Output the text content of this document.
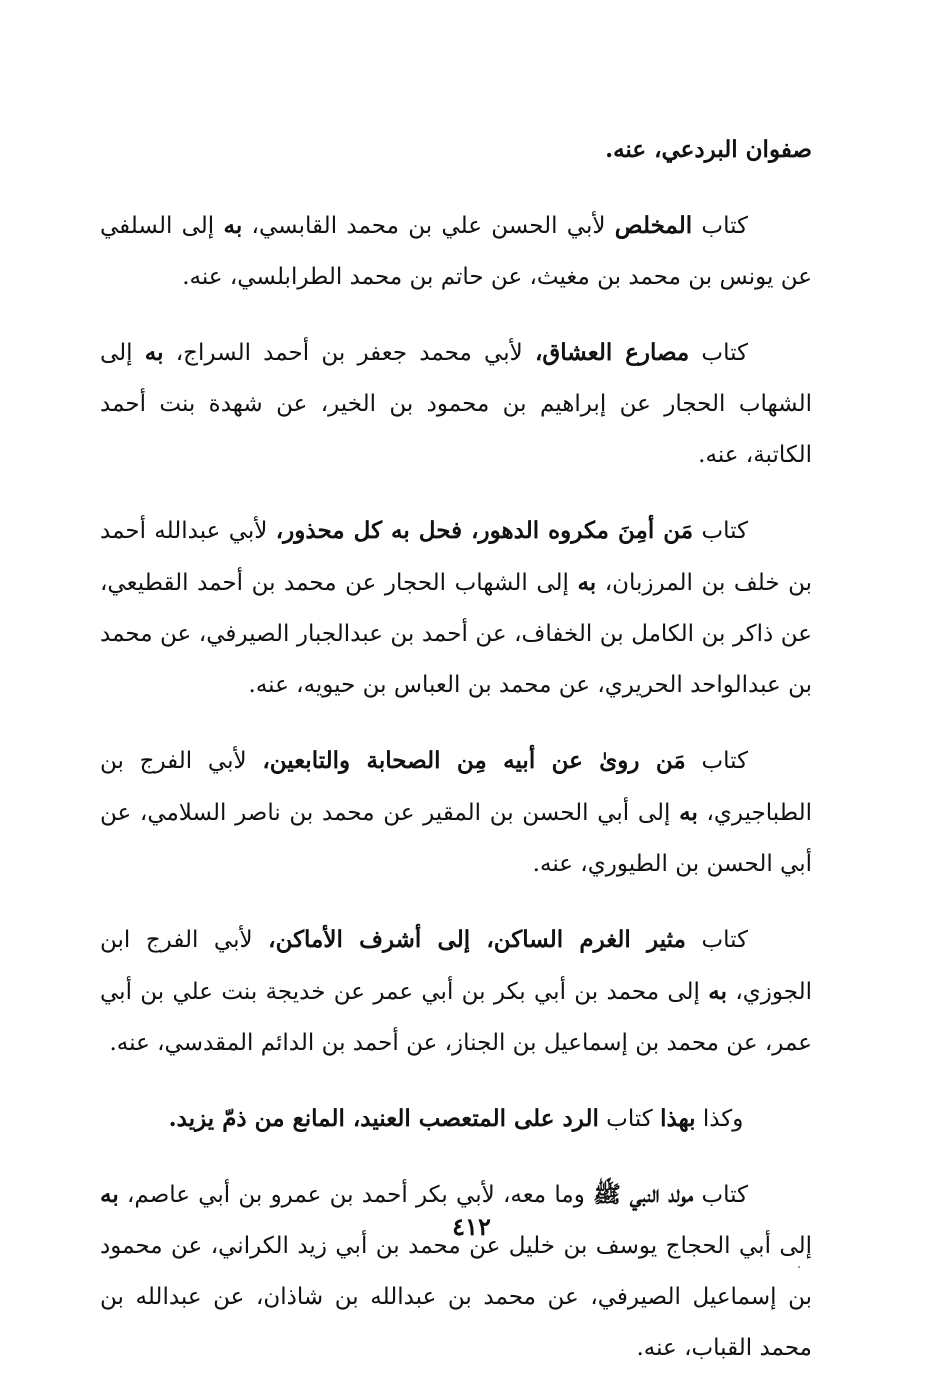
صفوان البردعي، عنه.

كتاب المخلص لأبي الحسن علي بن محمد القابسي، به إلى السلفي عن يونس بن محمد بن مغيث، عن حاتم بن محمد الطرابلسي، عنه.

كتاب مصارع العشاق، لأبي محمد جعفر بن أحمد السراج، به إلى الشهاب الحجار عن إبراهيم بن محمود بن الخير، عن شهدة بنت أحمد الكاتبة، عنه.

كتاب مَن أمِنَ مكروه الدهور، فحل به كل محذور، لأبي عبدالله أحمد بن خلف بن المرزبان، به إلى الشهاب الحجار عن محمد بن أحمد القطيعي، عن ذاكر بن الكامل بن الخفاف، عن أحمد بن عبدالجبار الصيرفي، عن محمد بن عبدالواحد الحريري، عن محمد بن العباس بن حيويه، عنه.

كتاب مَن روىٰ عن أبيه مِن الصحابة والتابعين، لأبي الفرج بن الطباجيري، به إلى أبي الحسن بن المقير عن محمد بن ناصر السلامي، عن أبي الحسن بن الطيوري، عنه.

كتاب مثير الغرم الساكن، إلى أشرف الأماكن، لأبي الفرج ابن الجوزي، به إلى محمد بن أبي بكر بن أبي عمر عن خديجة بنت علي بن أبي عمر، عن محمد بن إسماعيل بن الجناز، عن أحمد بن الدائم المقدسي، عنه.

وكذا بهذا كتاب الرد على المتعصب العنيد، المانع من ذمّ يزيد.

كتاب مولد النبي ﷺ وما معه، لأبي بكر أحمد بن عمرو بن أبي عاصم، به إلى أبي الحجاج يوسف بن خليل عن محمد بن أبي زيد الكراني، عن محمود بن إسماعيل الصيرفي، عن محمد بن عبدالله بن شاذان، عن عبدالله بن محمد القباب، عنه.

٤١٢
